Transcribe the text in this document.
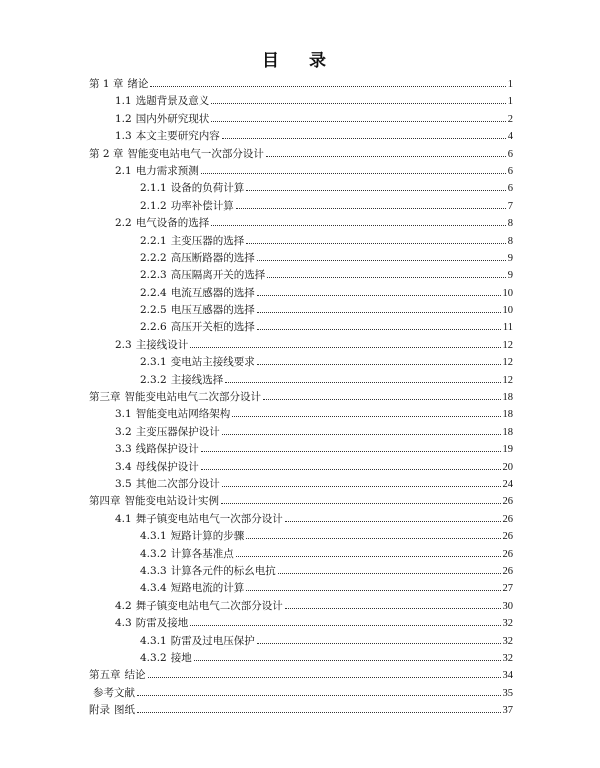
目 录
第 1 章 绪论	1
1.1 选题背景及意义	1
1.2 国内外研究现状	2
1.3 本文主要研究内容	4
第 2 章 智能变电站电气一次部分设计	6
2.1 电力需求预测	6
2.1.1 设备的负荷计算	6
2.1.2 功率补偿计算	7
2.2 电气设备的选择	8
2.2.1 主变压器的选择	8
2.2.2 高压断路器的选择	9
2.2.3 高压隔离开关的选择	9
2.2.4 电流互感器的选择	10
2.2.5 电压互感器的选择	10
2.2.6 高压开关柜的选择	11
2.3 主接线设计	12
2.3.1 变电站主接线要求	12
2.3.2 主接线选择	12
第三章 智能变电站电气二次部分设计	18
3.1 智能变电站网络架构	18
3.2 主变压器保护设计	18
3.3 线路保护设计	19
3.4 母线保护设计	20
3.5 其他二次部分设计	24
第四章 智能变电站设计实例	26
4.1 舞子镇变电站电气一次部分设计	26
4.3.1 短路计算的步骤	26
4.3.2 计算各基准点	26
4.3.3 计算各元件的标幺电抗	26
4.3.4 短路电流的计算	27
4.2 舞子镇变电站电气二次部分设计	30
4.3 防雷及接地	32
4.3.1 防雷及过电压保护	32
4.3.2 接地	32
第五章 结论	34
参考文献	35
附录 图纸	37
